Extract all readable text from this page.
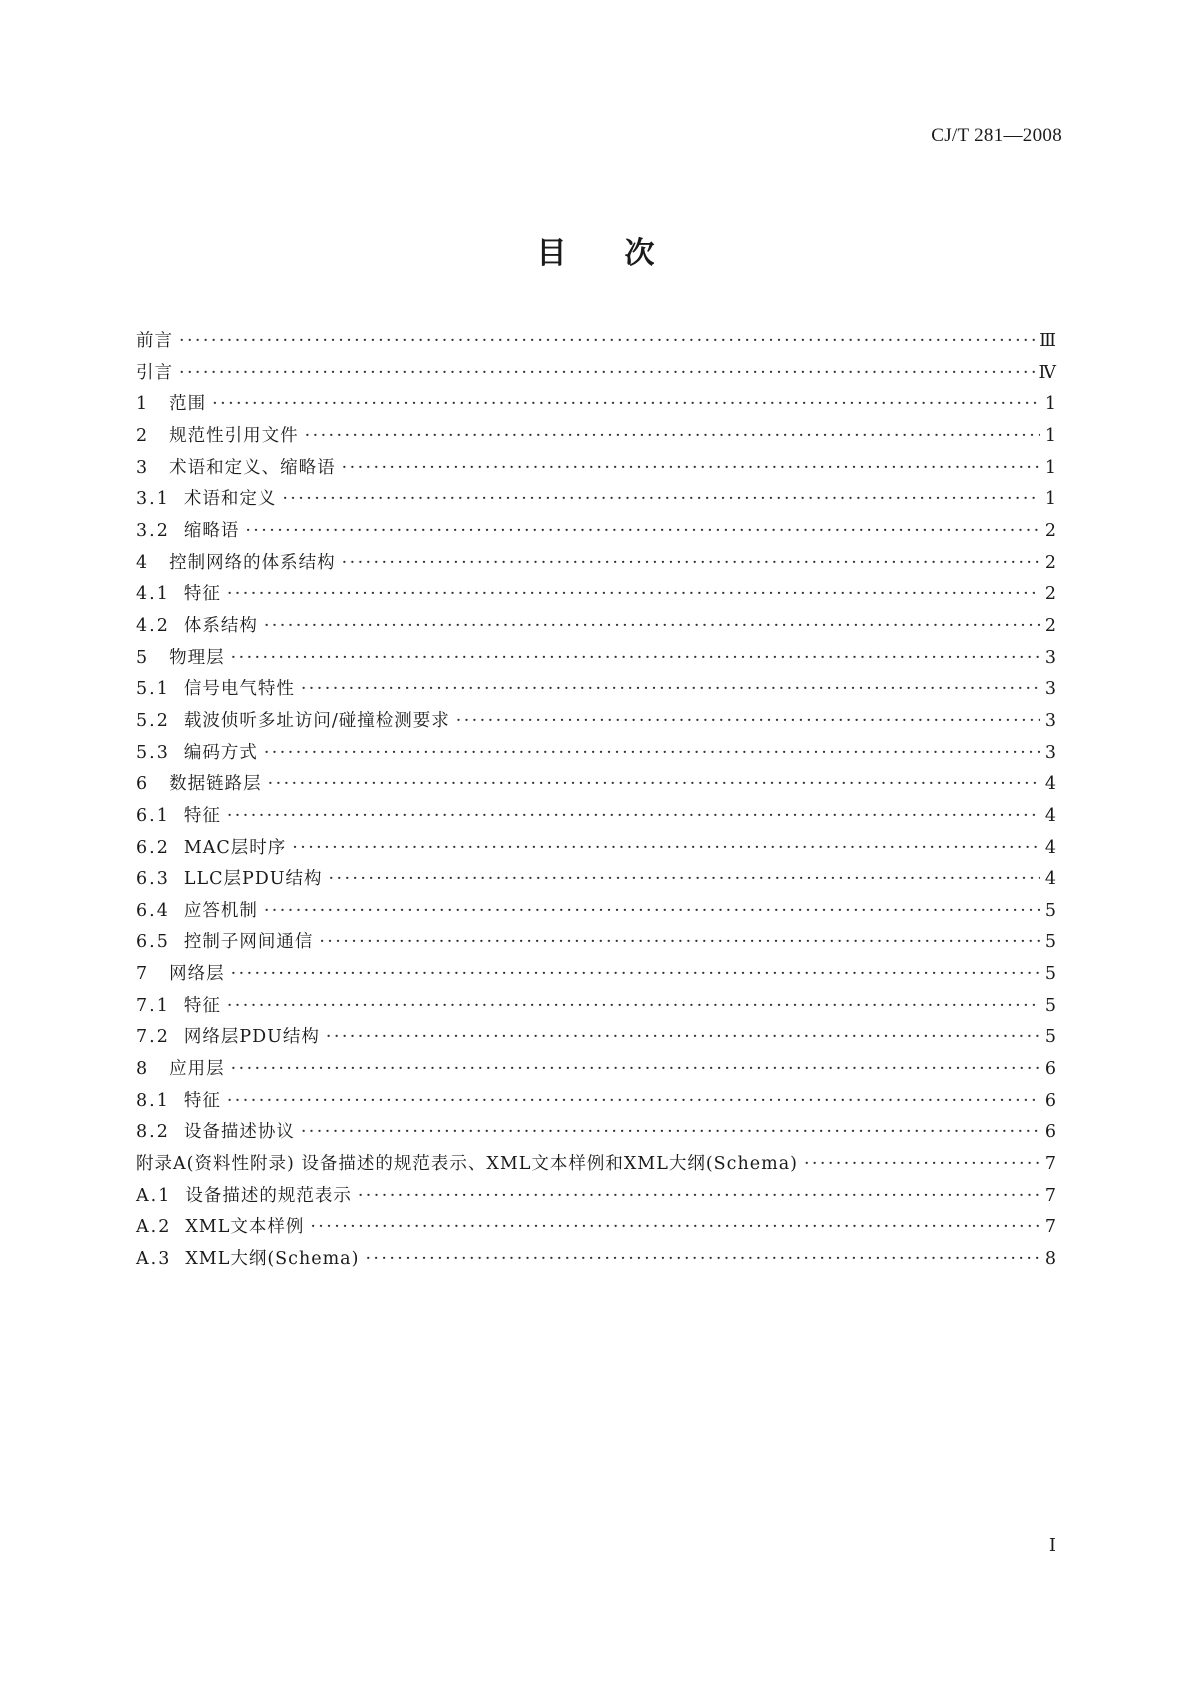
CJ/T 281—2008
目次
前言 ·····	Ⅲ
引言 ·····	Ⅳ
1	范围 ·····	1
2	规范性引用文件 ·····	1
3	术语和定义、缩略语 ·····	1
3.1 术语和定义 ·····	1
3.2 缩略语 ·····	2
4	控制网络的体系结构 ·····	2
4.1 特征 ·····	2
4.2 体系结构 ·····	2
5	物理层 ·····	3
5.1 信号电气特性 ·····	3
5.2 载波侦听多址访问/碰撞检测要求 ·····	3
5.3 编码方式 ·····	3
6	数据链路层 ·····	4
6.1 特征 ·····	4
6.2 MAC层时序 ·····	4
6.3 LLC层PDU结构 ·····	4
6.4 应答机制 ·····	5
6.5 控制子网间通信 ·····	5
7	网络层 ·····	5
7.1 特征 ·····	5
7.2 网络层PDU结构 ·····	5
8	应用层 ·····	6
8.1 特征 ·····	6
8.2 设备描述协议 ·····	6
附录A(资料性附录) 设备描述的规范表示、XML文本样例和XML大纲(Schema) ·····	7
A.1 设备描述的规范表示 ·····	7
A.2 XML文本样例 ·····	7
A.3 XML大纲(Schema) ·····	8
I
